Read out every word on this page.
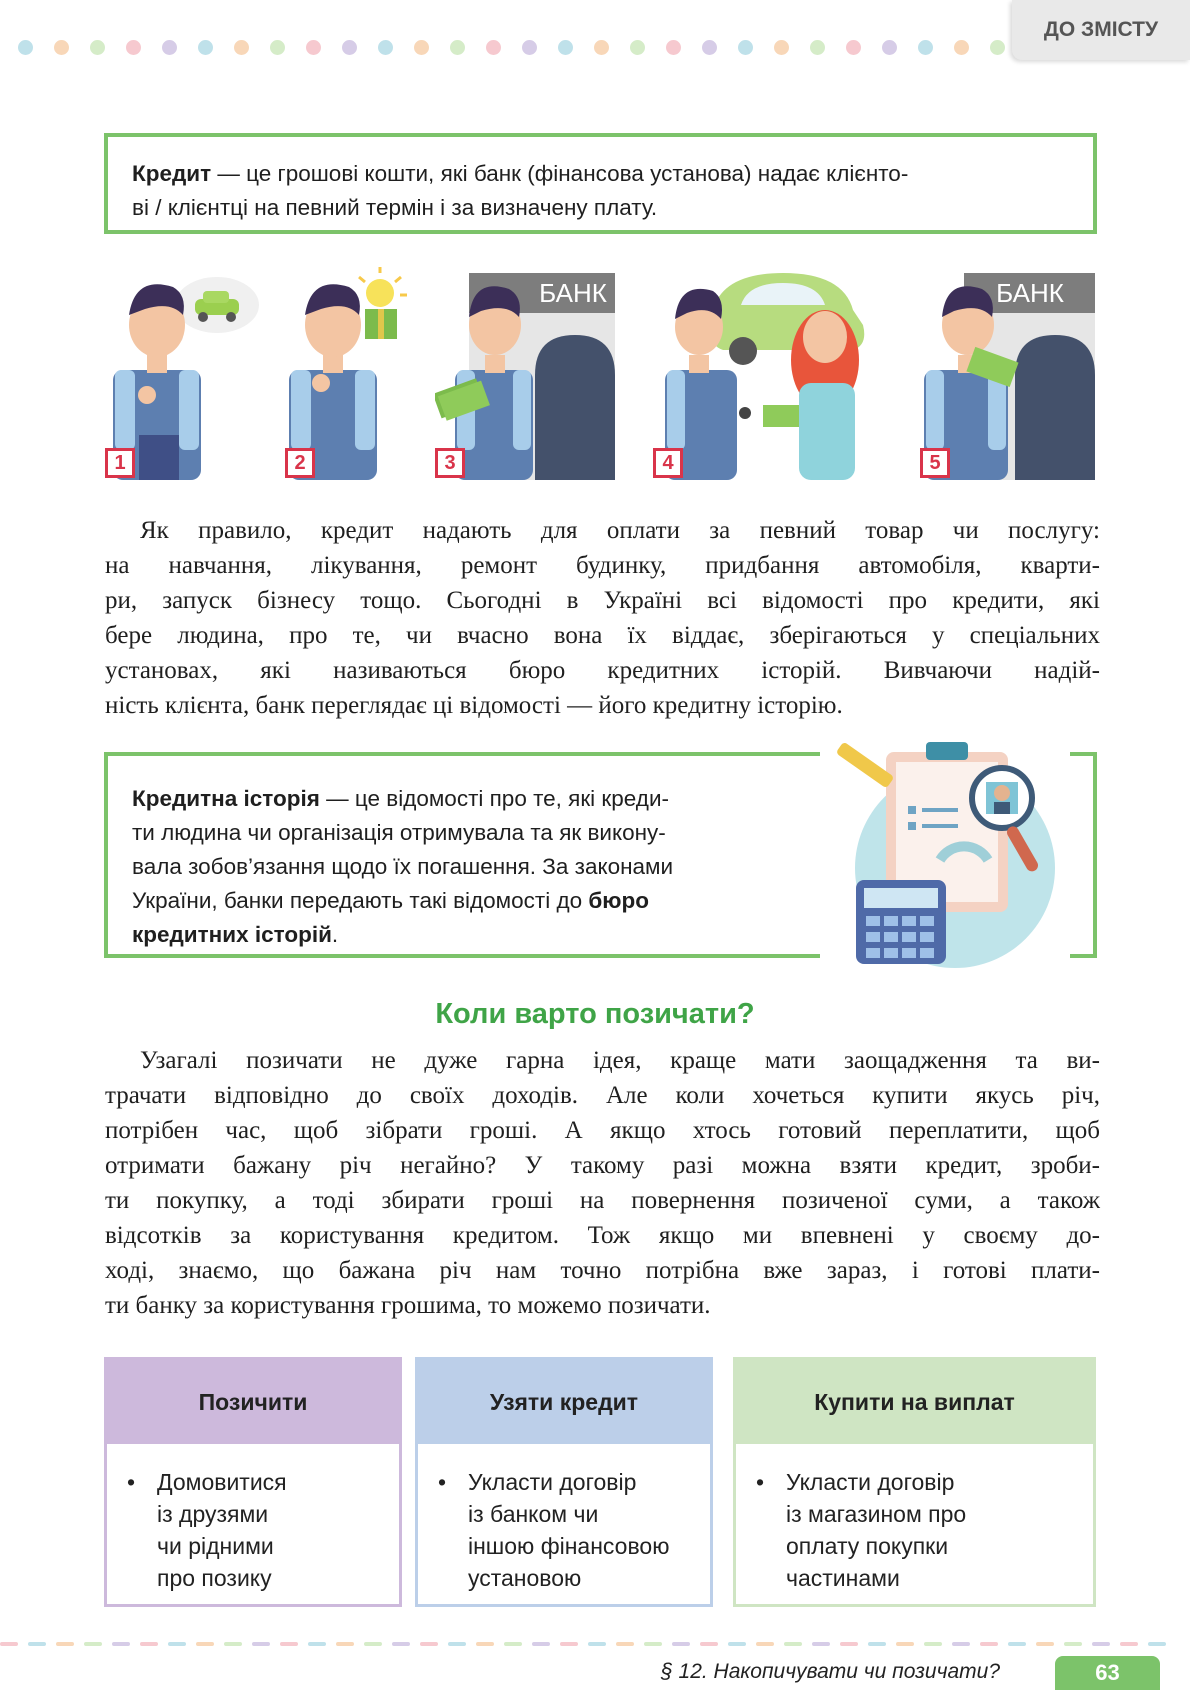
ДО ЗМІСТУ
Кредит — це грошові кошти, які банк (фінансова установа) надає клієнто-
ві / клієнтці на певний термін і за визначену плату.
1	2
БАНК
3	4
БАНК
5
Як правило, кредит надають для оплати за певний товар чи послугу:
на навчання, лікування, ремонт будинку, придбання автомобіля, кварти-
ри, запуск бізнесу тощо. Сьогодні в Україні всі відомості про кредити, які
бере людина, про те, чи вчасно вона їх віддає, зберігаються у спеціальних
установах, які називаються бюро кредитних історій. Вивчаючи надій-
ність клієнта, банк переглядає ці відомості — його кредитну історію.
Кредитна історія — це відомості про те, які креди-
ти людина чи організація отримувала та як викону-
вала зобов’язання щодо їх погашення. За законами
України, банки передають такі відомості до бюро
кредитних історій.
Коли варто позичати?
Узагалі позичати не дуже гарна ідея, краще мати заощадження та ви-
трачати відповідно до своїх доходів. Але коли хочеться купити якусь річ,
потрібен час, щоб зібрати гроші. А якщо хтось готовий переплатити, щоб
отримати бажану річ негайно? У такому разі можна взяти кредит, зроби-
ти покупку, а тоді збирати гроші на повернення позиченої суми, а також
відсотків за користування кредитом. Тож якщо ми впевнені у своєму до-
ході, знаємо, що бажана річ нам точно потрібна вже зараз, і готові плати-
ти банку за користування грошима, то можемо позичати.
Позичити
• Домовитися
із друзями
чи рідними
про позику
Узяти кредит
• Укласти договір
із банком чи
іншою фінансовою
установою
Купити на виплат
• Укласти договір
із магазином про
оплату покупки
частинами
§ 12. Накопичувати чи позичати?	63
